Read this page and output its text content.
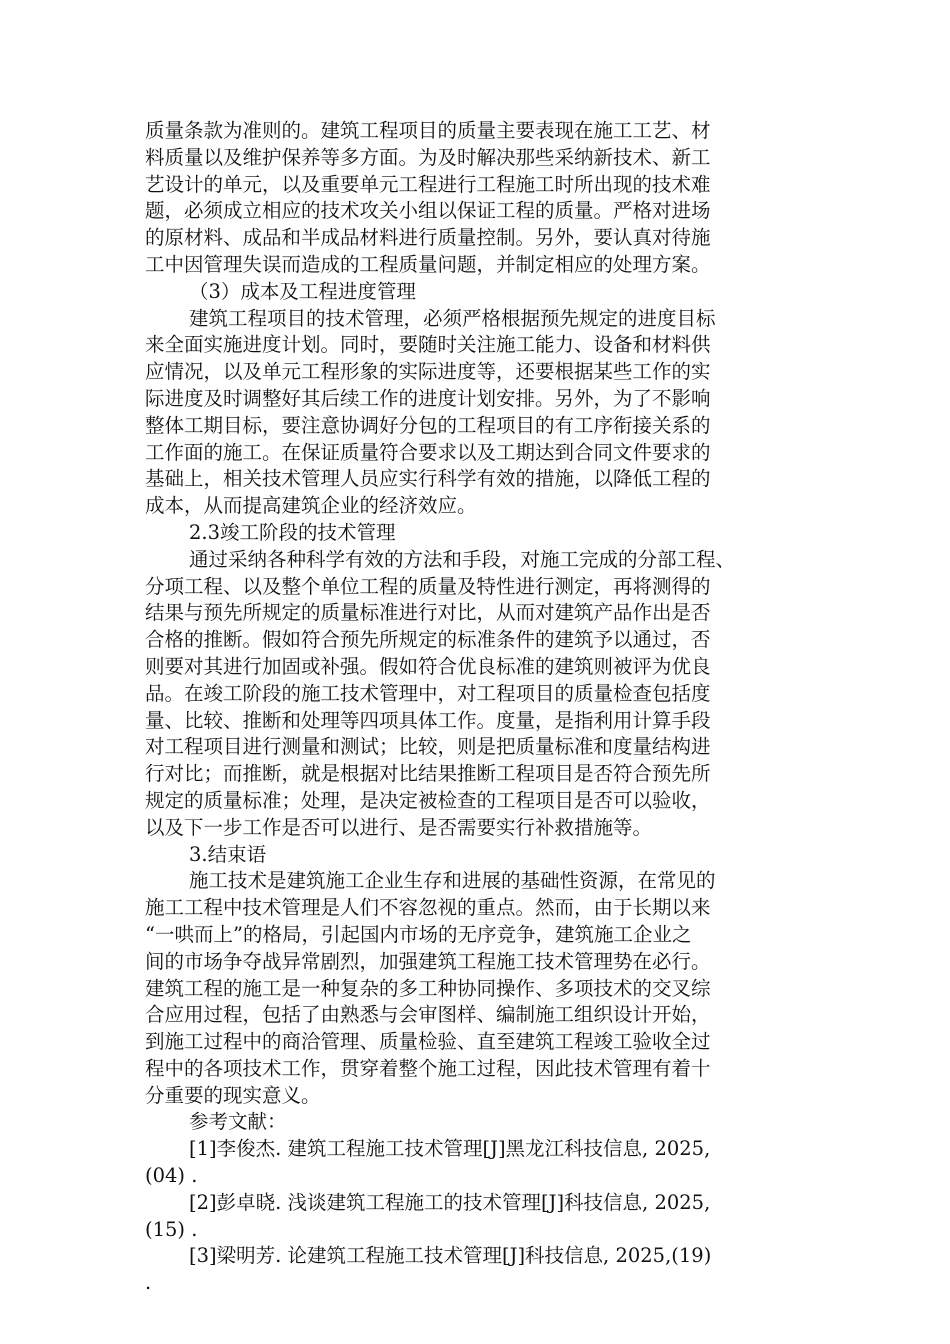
质量条款为准则的。建筑工程项目的质量主要表现在施工工艺、材
料质量以及维护保养等多方面。为及时解决那些采纳新技术、新工
艺设计的单元，以及重要单元工程进行工程施工时所出现的技术难
题，必须成立相应的技术攻关小组以保证工程的质量。严格对进场
的原材料、成品和半成品材料进行质量控制。另外，要认真对待施
工中因管理失误而造成的工程质量问题，并制定相应的处理方案。
（3）成本及工程进度管理
建筑工程项目的技术管理，必须严格根据预先规定的进度目标
来全面实施进度计划。同时，要随时关注施工能力、设备和材料供
应情况，以及单元工程形象的实际进度等，还要根据某些工作的实
际进度及时调整好其后续工作的进度计划安排。另外，为了不影响
整体工期目标，要注意协调好分包的工程项目的有工序衔接关系的
工作面的施工。在保证质量符合要求以及工期达到合同文件要求的
基础上，相关技术管理人员应实行科学有效的措施，以降低工程的
成本，从而提高建筑企业的经济效应。
2.3竣工阶段的技术管理
通过采纳各种科学有效的方法和手段，对施工完成的分部工程、
分项工程、以及整个单位工程的质量及特性进行测定，再将测得的
结果与预先所规定的质量标准进行对比，从而对建筑产品作出是否
合格的推断。假如符合预先所规定的标准条件的建筑予以通过，否
则要对其进行加固或补强。假如符合优良标准的建筑则被评为优良
品。在竣工阶段的施工技术管理中，对工程项目的质量检查包括度
量、比较、推断和处理等四项具体工作。度量，是指利用计算手段
对工程项目进行测量和测试；比较，则是把质量标准和度量结构进
行对比；而推断，就是根据对比结果推断工程项目是否符合预先所
规定的质量标准；处理，是决定被检查的工程项目是否可以验收，
以及下一步工作是否可以进行、是否需要实行补救措施等。
3.结束语
施工技术是建筑施工企业生存和进展的基础性资源，在常见的
施工工程中技术管理是人们不容忽视的重点。然而，由于长期以来
“一哄而上”的格局，引起国内市场的无序竞争，建筑施工企业之
间的市场争夺战异常剧烈，加强建筑工程施工技术管理势在必行。
建筑工程的施工是一种复杂的多工种协同操作、多项技术的交叉综
合应用过程，包括了由熟悉与会审图样、编制施工组织设计开始，
到施工过程中的商洽管理、质量检验、直至建筑工程竣工验收全过
程中的各项技术工作，贯穿着整个施工过程，因此技术管理有着十
分重要的现实意义。
参考文献：
[1]李俊杰. 建筑工程施工技术管理[J]黑龙江科技信息, 2025,
(04) .
[2]彭卓晓. 浅谈建筑工程施工的技术管理[J]科技信息, 2025,
(15) .
[3]梁明芳. 论建筑工程施工技术管理[J]科技信息, 2025,(19)
.
